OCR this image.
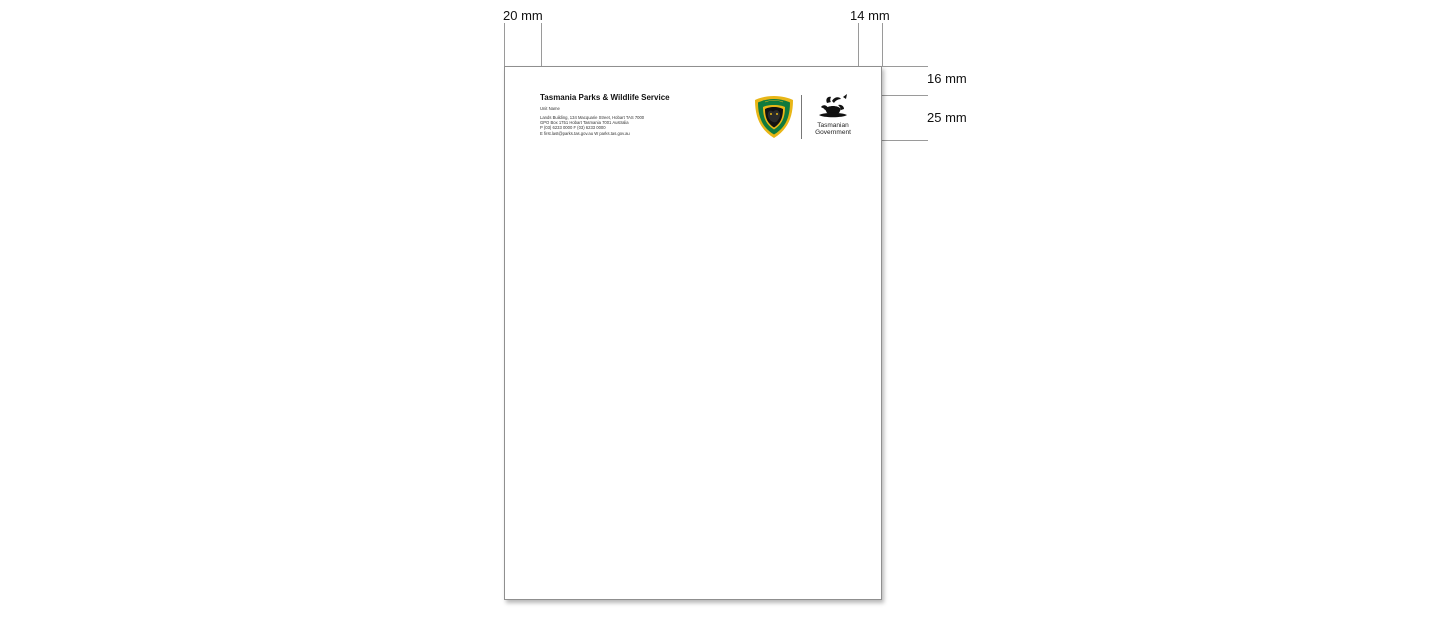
20 mm	14 mm
16 mm
25 mm
Tasmania Parks & Wildlife Service
Unit Name
Lands Building, 134 Macquarie Street, Hobart TAS 7000
GPO Box 1751 Hobart Tasmania 7001 Australia
P (03) 6233 0000 F (03) 6233 0000
E first.last@parks.tas.gov.au W parks.tas.gov.au
Tasmanian
Government
